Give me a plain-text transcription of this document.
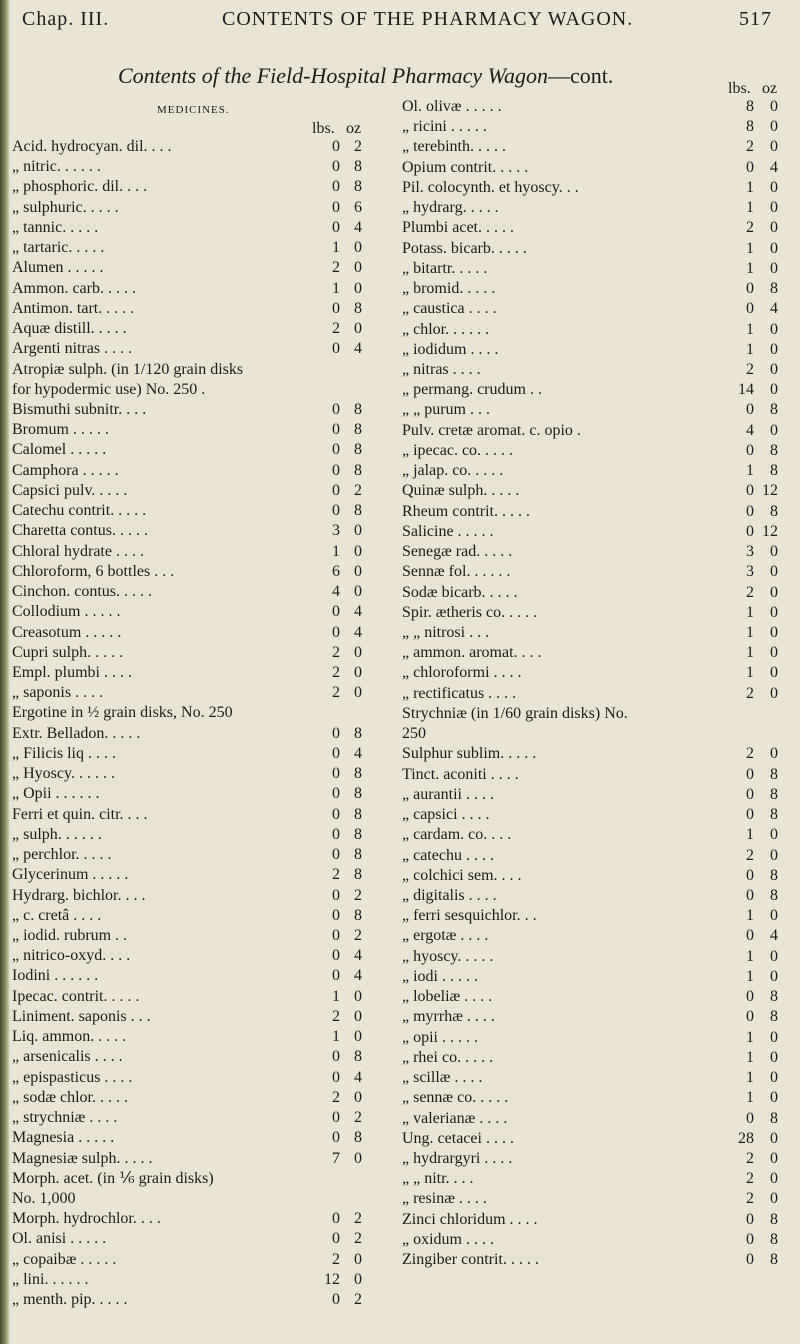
Chap. III.	CONTENTS OF THE PHARMACY WAGON.	517
Contents of the Field-Hospital Pharmacy Wagon—cont.
MEDICINES.
lbs. oz
Acid. hydrocyan. dil. . . .	0 2
„ nitric. . . . . .	0 8
„ phosphoric. dil. . . .	0 8
„ sulphuric. . . . .	0 6
„ tannic. . . . .	0 4
„ tartaric. . . . .	1 0
Alumen . . . . .	2 0
Ammon. carb. . . . .	1 0
Antimon. tart. . . . .	0 8
Aquæ distill. . . . .	2 0
Argenti nitras . . . .	0 4
Atropiæ sulph. (in 1/120 grain disks
for hypodermic use) No. 250 .
Bismuthi subnitr. . . .	0 8
Bromum . . . . .	0 8
Calomel . . . . .	0 8
Camphora . . . . .	0 8
Capsici pulv. . . . .	0 2
Catechu contrit. . . . .	0 8
Charetta contus. . . . .	3 0
Chloral hydrate . . . .	1 0
Chloroform, 6 bottles . . .	6 0
Cinchon. contus. . . . .	4 0
Collodium . . . . .	0 4
Creasotum . . . . .	0 4
Cupri sulph. . . . .	2 0
Empl. plumbi . . . .	2 0
„ saponis . . . .	2 0
Ergotine in ½ grain disks, No. 250
Extr. Belladon. . . . .	0 8
„ Filicis liq . . . .	0 4
„ Hyoscy. . . . . .	0 8
„ Opii . . . . . .	0 8
Ferri et quin. citr. . . .	0 8
„ sulph. . . . . .	0 8
„ perchlor. . . . .	0 8
Glycerinum . . . . .	2 8
Hydrarg. bichlor. . . .	0 2
„ c. cretâ . . . .	0 8
„ iodid. rubrum . .	0 2
„ nitrico-oxyd. . . .	0 4
Iodini . . . . . .	0 4
Ipecac. contrit. . . . .	1 0
Liniment. saponis . . .	2 0
Liq. ammon. . . . .	1 0
„ arsenicalis . . . .	0 8
„ epispasticus . . . .	0 4
„ sodæ chlor. . . . .	2 0
„ strychniæ . . . .	0 2
Magnesia . . . . .	0 8
Magnesiæ sulph. . . . .	7 0
Morph. acet. (in ⅙ grain disks)
No. 1,000
Morph. hydrochlor. . . .	0 2
Ol. anisi . . . . .	0 2
„ copaibæ . . . . .	2 0
„ lini. . . . . .	12 0
„ menth. pip. . . . .	0 2
lbs. oz
Ol. olivæ . . . . .	8	0
„ ricini . . . . .	8	0
„ terebinth. . . . .	2	0
Opium contrit. . . . .	0	4
Pil. colocynth. et hyoscy. . .	1	0
„ hydrarg. . . . .	1	0
Plumbi acet. . . . .	2	0
Potass. bicarb. . . . .	1	0
„ bitartr. . . . .	1	0
„ bromid. . . . .	0	8
„ caustica . . . .	0	4
„ chlor. . . . . .	1	0
„ iodidum . . . .	1	0
„ nitras . . . .	2	0
„ permang. crudum . .	14	0
„ „ purum . . .	0	8
Pulv. cretæ aromat. c. opio .	4	0
„ ipecac. co. . . . .	0	8
„ jalap. co. . . . .	1	8
Quinæ sulph. . . . .	0 12
Rheum contrit. . . . .	0	8
Salicine . . . . .	0 12
Senegæ rad. . . . .	3	0
Sennæ fol. . . . . .	3	0
Sodæ bicarb. . . . .	2	0
Spir. ætheris co. . . . .	1	0
„ „ nitrosi . . .	1	0
„ ammon. aromat. . . .	1	0
„ chloroformi . . . .	1	0
„ rectificatus . . . .	2	0
Strychniæ (in 1/60 grain disks) No.
250
Sulphur sublim. . . . .	2	0
Tinct. aconiti . . . .	0	8
„ aurantii . . . .	0	8
„ capsici . . . .	0	8
„ cardam. co. . . .	1	0
„ catechu . . . .	2	0
„ colchici sem. . . .	0	8
„ digitalis . . . .	0	8
„ ferri sesquichlor. . .	1	0
„ ergotæ . . . .	0	4
„ hyoscy. . . . .	1	0
„ iodi . . . . .	1	0
„ lobeliæ . . . .	0	8
„ myrrhæ . . . .	0	8
„ opii . . . . .	1	0
„ rhei co. . . . .	1	0
„ scillæ . . . .	1	0
„ sennæ co. . . . .	1	0
„ valerianæ . . . .	0	8
Ung. cetacei . . . .	28	0
„ hydrargyri . . . .	2	0
„ „ nitr. . . .	2	0
„ resinæ . . . .	2	0
Zinci chloridum . . . .	0	8
„ oxidum . . . .	0	8
Zingiber contrit. . . . .	0	8
